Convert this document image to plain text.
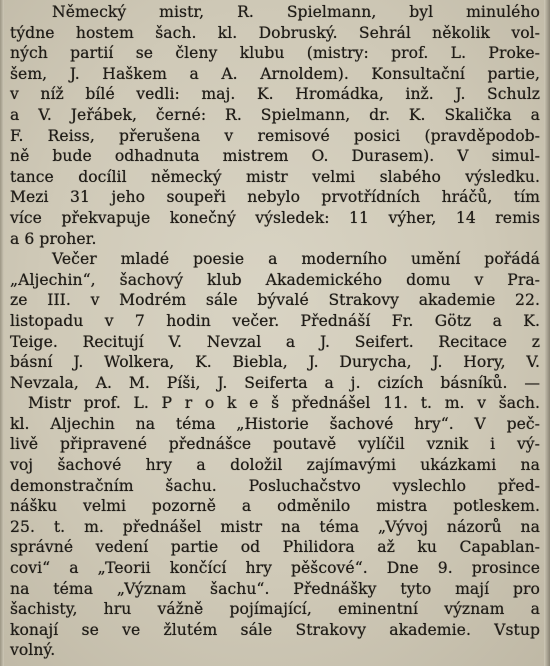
Německý mistr, R. Spielmann, byl minulého
týdne hostem šach. kl. Dobruský. Sehrál několik vol-
ných partií se členy klubu (mistry: prof. L. Proke-
šem, J. Haškem a A. Arnoldem). Konsultační partie,
v níž bílé vedli: maj. K. Hromádka, inž. J. Schulz
a V. Jeřábek, černé: R. Spielmann, dr. K. Skalička a
F. Reiss, přerušena v remisové posici (pravděpodob-
ně bude odhadnuta mistrem O. Durasem). V simul-
tance docílil německý mistr velmi slabého výsledku.
Mezi 31 jeho soupeři nebylo prvotřídních hráčů, tím
více překvapuje konečný výsledek: 11 výher, 14 remis
a 6 proher.
Večer mladé poesie a moderního umění pořádá
„Aljechin“, šachový klub Akademického domu v Pra-
ze III. v Modrém sále bývalé Strakovy akademie 22.
listopadu v 7 hodin večer. Přednáší Fr. Götz a K.
Teige. Recitují V. Nevzal a J. Seifert. Recitace z
básní J. Wolkera, K. Biebla, J. Durycha, J. Hory, V.
Nevzala, A. M. Píši, J. Seiferta a j. cizích básníků. —
Mistr prof. L. P r o k e š přednášel 11. t. m. v šach.
kl. Aljechin na téma „Historie šachové hry“. V peč-
livě připravené přednášce poutavě vylíčil vznik i vý-
voj šachové hry a doložil zajímavými ukázkami na
demonstračním šachu. Posluchačstvo vyslechlo před-
nášku velmi pozorně a odměnilo mistra potleskem.
25. t. m. přednášel mistr na téma „Vývoj názorů na
správné vedení partie od Philidora až ku Capablan-
covi“ a „Teorii končící hry pěšcové“. Dne 9. prosince
na téma „Význam šachu“. Přednášky tyto mají pro
šachisty, hru vážně pojímající, eminentní význam a
konají se ve žlutém sále Strakovy akademie. Vstup
volný.
